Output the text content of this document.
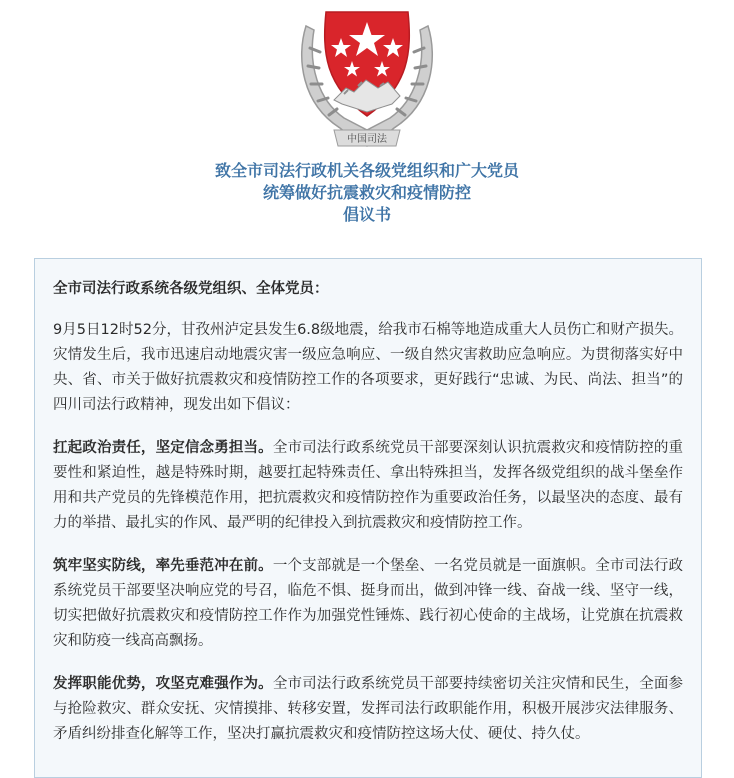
中国司法
致全市司法行政机关各级党组织和广大党员
统筹做好抗震救灾和疫情防控
倡议书

全市司法行政系统各级党组织、全体党员：

9月5日12时52分，甘孜州泸定县发生6.8级地震，给我市石棉等地造成重大人员伤亡和财产损失。灾情发生后，我市迅速启动地震灾害一级应急响应、一级自然灾害救助应急响应。为贯彻落实好中央、省、市关于做好抗震救灾和疫情防控工作的各项要求，更好践行“忠诚、为民、尚法、担当”的四川司法行政精神，现发出如下倡议：

扛起政治责任，坚定信念勇担当。全市司法行政系统党员干部要深刻认识抗震救灾和疫情防控的重要性和紧迫性，越是特殊时期，越要扛起特殊责任、拿出特殊担当，发挥各级党组织的战斗堡垒作用和共产党员的先锋模范作用，把抗震救灾和疫情防控作为重要政治任务，以最坚决的态度、最有力的举措、最扎实的作风、最严明的纪律投入到抗震救灾和疫情防控工作。

筑牢坚实防线，率先垂范冲在前。一个支部就是一个堡垒、一名党员就是一面旗帜。全市司法行政系统党员干部要坚决响应党的号召，临危不惧、挺身而出，做到冲锋一线、奋战一线、坚守一线，切实把做好抗震救灾和疫情防控工作作为加强党性锤炼、践行初心使命的主战场，让党旗在抗震救灾和防疫一线高高飘扬。

发挥职能优势，攻坚克难强作为。全市司法行政系统党员干部要持续密切关注灾情和民生，全面参与抢险救灾、群众安抚、灾情摸排、转移安置，发挥司法行政职能作用，积极开展涉灾法律服务、矛盾纠纷排查化解等工作，坚决打赢抗震救灾和疫情防控这场大仗、硬仗、持久仗。
